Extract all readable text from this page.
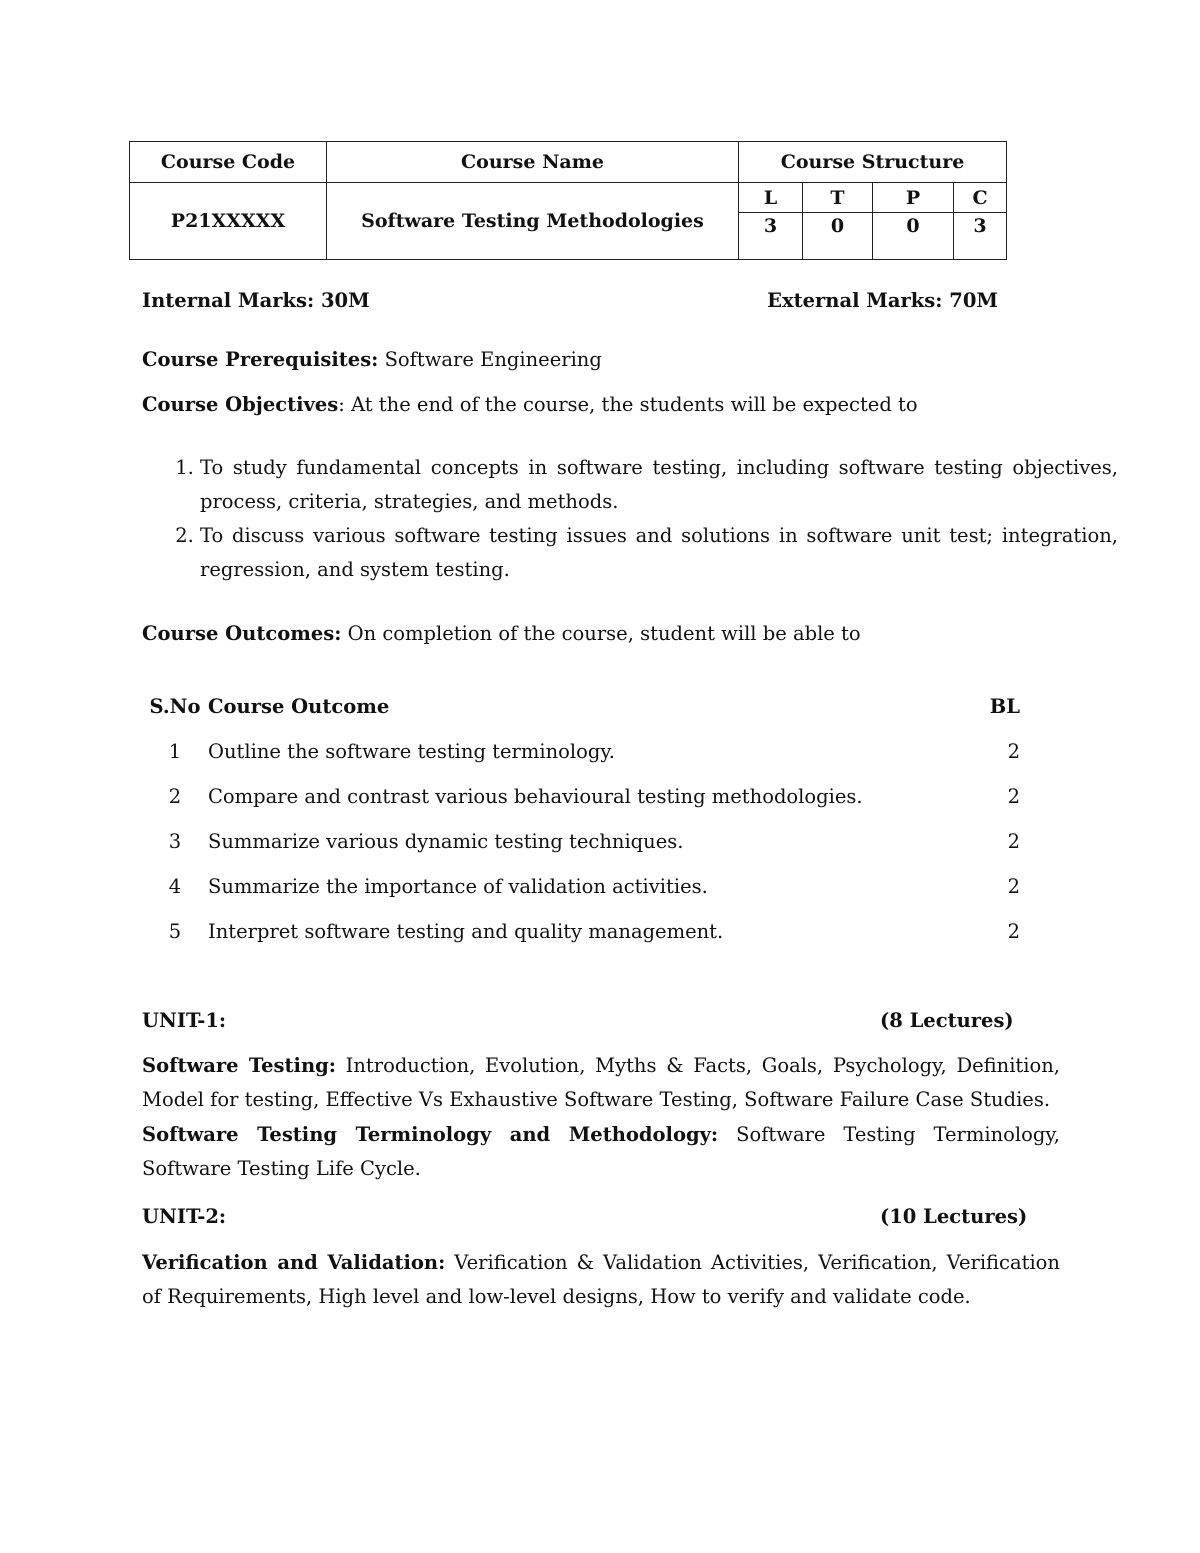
Course Code	Course Name	Course Structure			
P21XXXXX	Software Testing Methodologies	L	T	P	C
		3	0	0	3
Internal Marks: 30M	External Marks: 70M
Course Prerequisites: Software Engineering
Course Objectives: At the end of the course, the students will be expected to
1. To study fundamental concepts in software testing, including software testing objectives, process, criteria, strategies, and methods.
2. To discuss various software testing issues and solutions in software unit test; integration, regression, and system testing.
Course Outcomes: On completion of the course, student will be able to
S.No	Course Outcome	BL
1	Outline the software testing terminology.	2
2	Compare and contrast various behavioural testing methodologies.	2
3	Summarize various dynamic testing techniques.	2
4	Summarize the importance of validation activities.	2
5	Interpret software testing and quality management.	2
UNIT-1:	(8 Lectures)

Software Testing: Introduction, Evolution, Myths & Facts, Goals, Psychology, Definition, Model for testing, Effective Vs Exhaustive Software Testing, Software Failure Case Studies.

Software Testing Terminology and Methodology: Software Testing Terminology, Software Testing Life Cycle.

UNIT-2:	(10 Lectures)

Verification and Validation: Verification & Validation Activities, Verification, Verification of Requirements, High level and low-level designs, How to verify and validate code.
